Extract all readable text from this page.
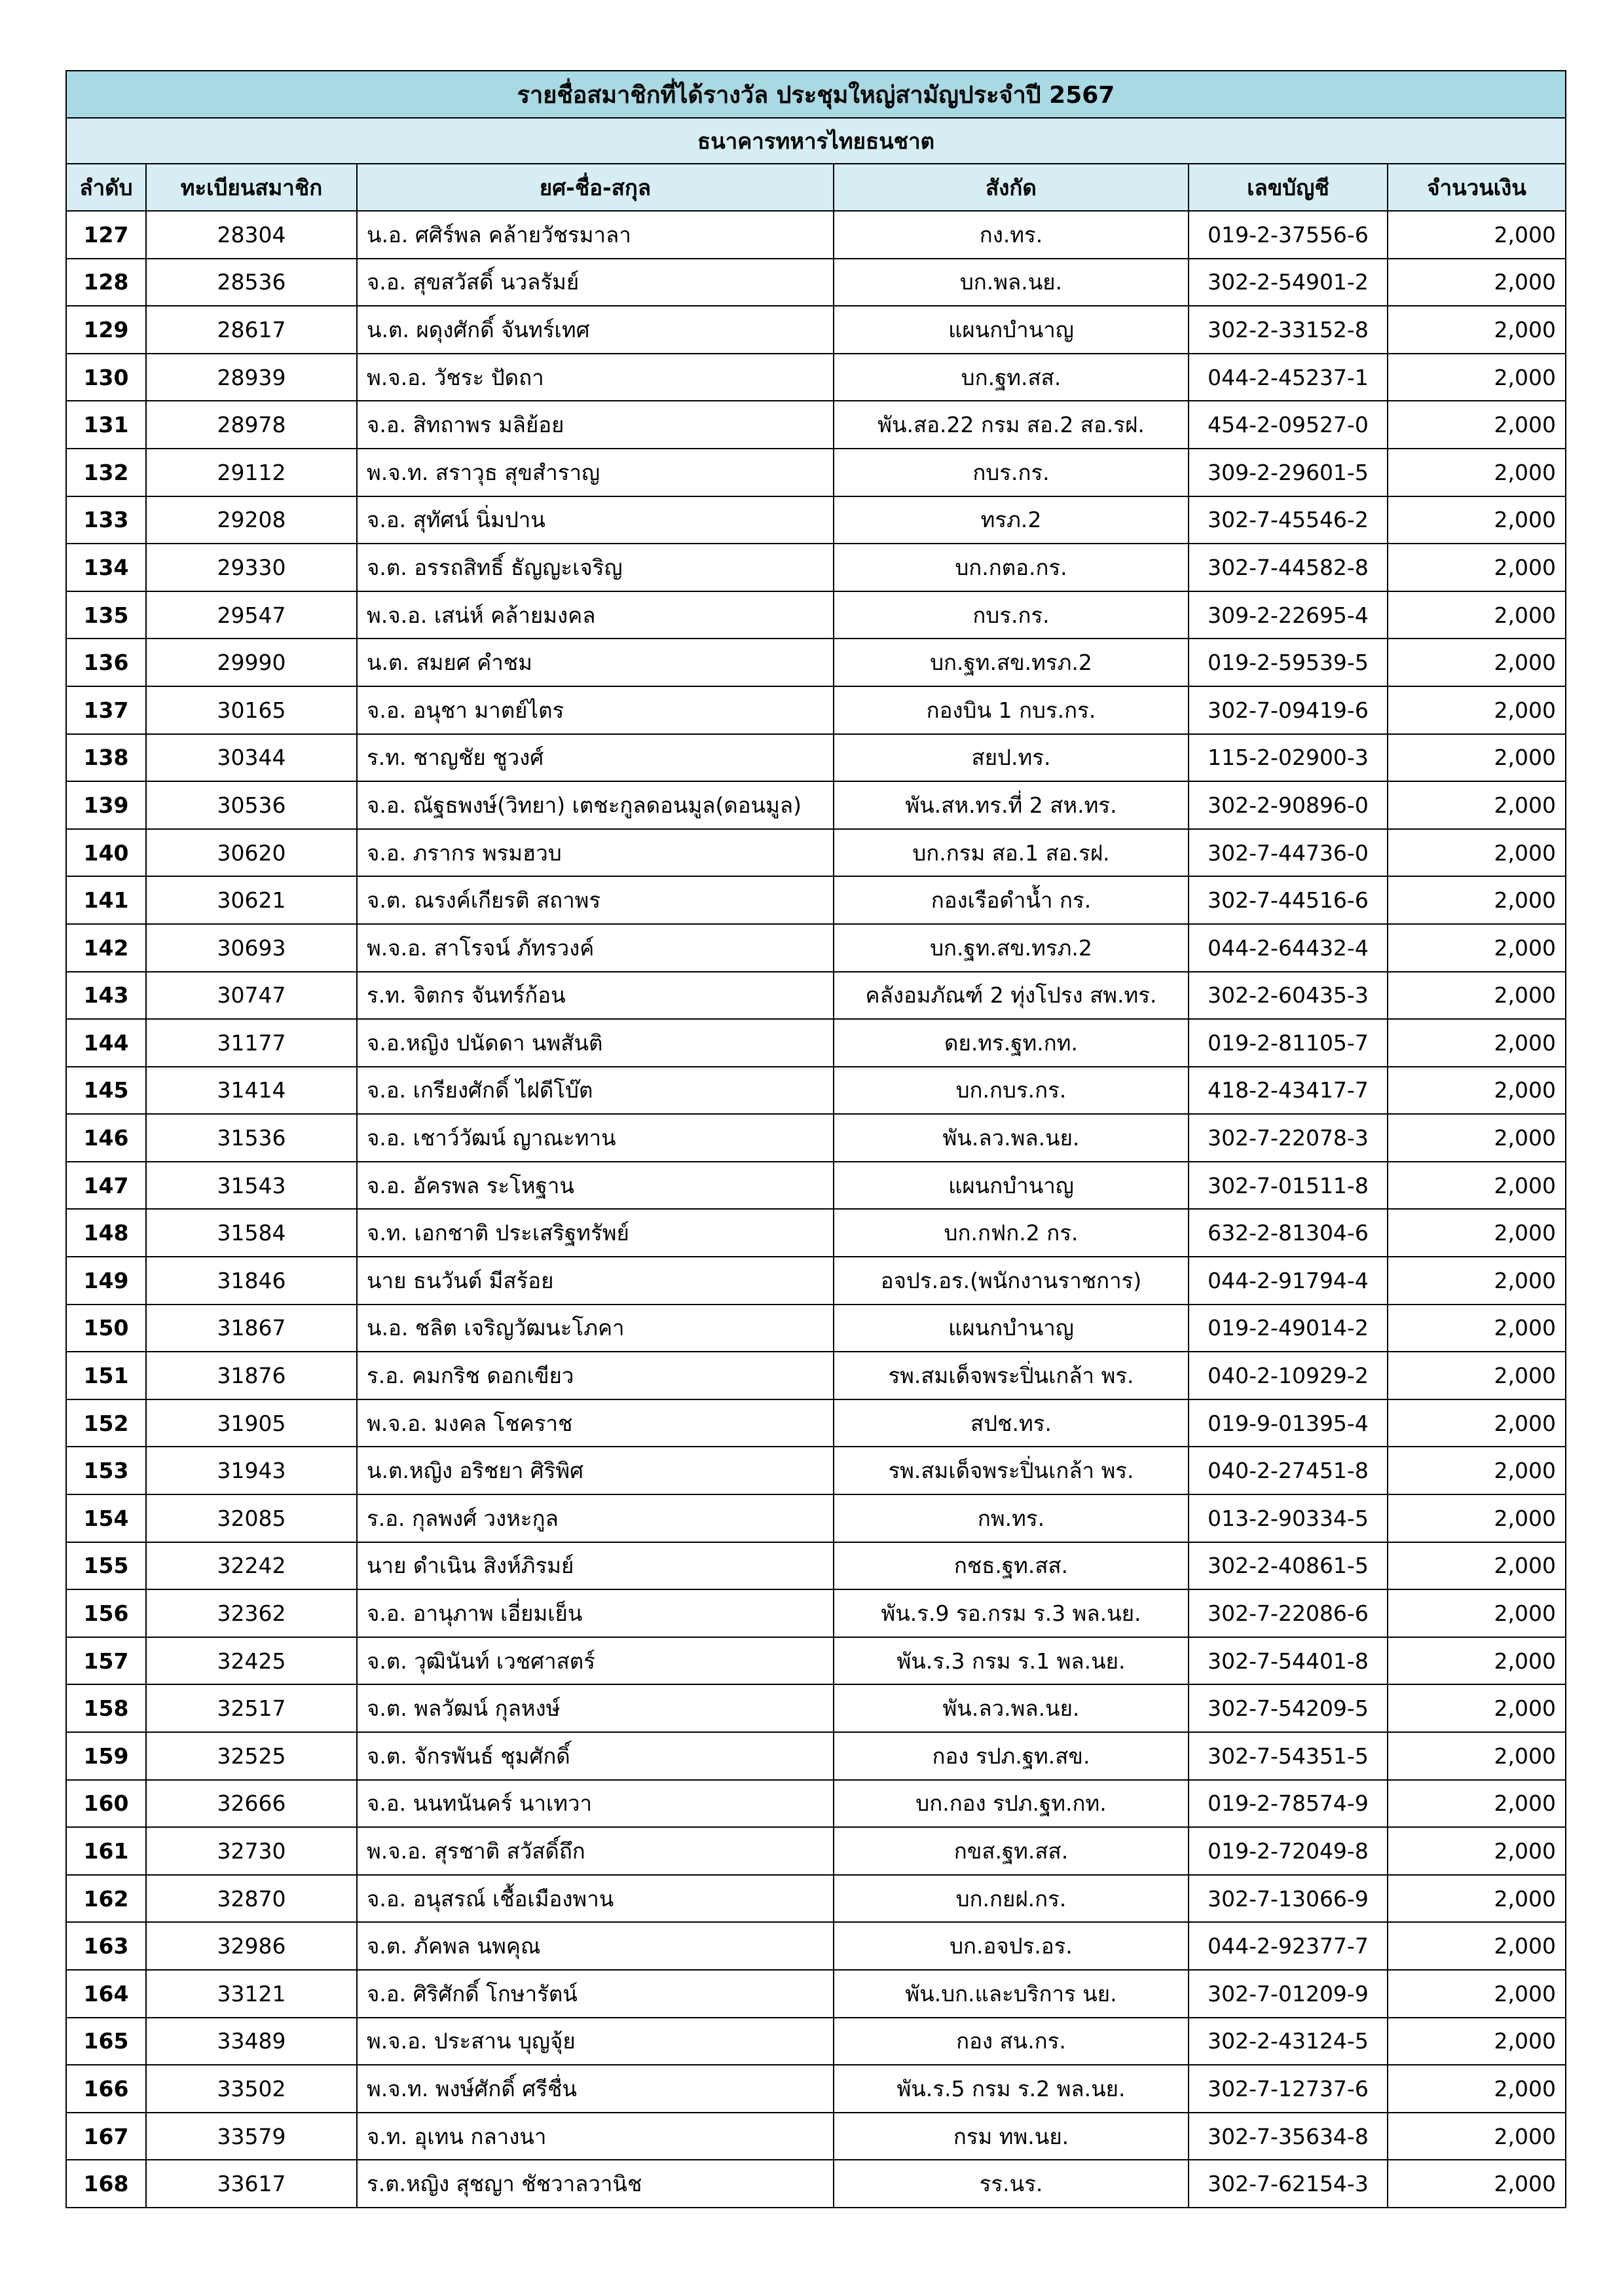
รายชื่อสมาชิกที่ได้รางวัล ประชุมใหญ่สามัญประจำปี 2567					
ธนาคารทหารไทยธนชาต					
ลำดับ	ทะเบียนสมาชิก	ยศ-ชื่อ-สกุล	สังกัด	เลขบัญชี	จำนวนเงิน
127	28304	น.อ. ศศิร์พล คล้ายวัชรมาลา	กง.ทร.	019-2-37556-6	2,000
128	28536	จ.อ. สุขสวัสดิ์ นวลรัมย์	บก.พล.นย.	302-2-54901-2	2,000
129	28617	น.ต. ผดุงศักดิ์ จันทร์เทศ	แผนกบำนาญ	302-2-33152-8	2,000
130	28939	พ.จ.อ. วัชระ ปัดถา	บก.ฐท.สส.	044-2-45237-1	2,000
131	28978	จ.อ. สิทถาพร มลิย้อย	พัน.สอ.22 กรม สอ.2 สอ.รฝ.	454-2-09527-0	2,000
132	29112	พ.จ.ท. สราวุธ สุขสำราญ	กบร.กร.	309-2-29601-5	2,000
133	29208	จ.อ. สุทัศน์ นิ่มปาน	ทรภ.2	302-7-45546-2	2,000
134	29330	จ.ต. อรรถสิทธิ์ ธัญญะเจริญ	บก.กตอ.กร.	302-7-44582-8	2,000
135	29547	พ.จ.อ. เสน่ห์ คล้ายมงคล	กบร.กร.	309-2-22695-4	2,000
136	29990	น.ต. สมยศ คำชม	บก.ฐท.สข.ทรภ.2	019-2-59539-5	2,000
137	30165	จ.อ. อนุชา มาตย์ไตร	กองบิน 1 กบร.กร.	302-7-09419-6	2,000
138	30344	ร.ท. ชาญชัย ชูวงศ์	สยป.ทร.	115-2-02900-3	2,000
139	30536	จ.อ. ณัฐธพงษ์(วิทยา) เตชะกูลดอนมูล(ดอนมูล)	พัน.สห.ทร.ที่ 2 สห.ทร.	302-2-90896-0	2,000
140	30620	จ.อ. ภรากร พรมฮวบ	บก.กรม สอ.1 สอ.รฝ.	302-7-44736-0	2,000
141	30621	จ.ต. ณรงค์เกียรติ สถาพร	กองเรือดำน้ำ กร.	302-7-44516-6	2,000
142	30693	พ.จ.อ. สาโรจน์ ภัทรวงค์	บก.ฐท.สข.ทรภ.2	044-2-64432-4	2,000
143	30747	ร.ท. จิตกร จันทร์ก้อน	คลังอมภัณฑ์ 2 ทุ่งโปรง สพ.ทร.	302-2-60435-3	2,000
144	31177	จ.อ.หญิง ปนัดดา นพสันติ	ดย.ทร.ฐท.กท.	019-2-81105-7	2,000
145	31414	จ.อ. เกรียงศักดิ์ ไฝดีโบ๊ต	บก.กบร.กร.	418-2-43417-7	2,000
146	31536	จ.อ. เชาว์วัฒน์ ญาณะทาน	พัน.ลว.พล.นย.	302-7-22078-3	2,000
147	31543	จ.อ. อัครพล ระโหฐาน	แผนกบำนาญ	302-7-01511-8	2,000
148	31584	จ.ท. เอกชาติ ประเสริฐทรัพย์	บก.กฟก.2 กร.	632-2-81304-6	2,000
149	31846	นาย ธนวันต์ มีสร้อย	อจปร.อร.(พนักงานราชการ)	044-2-91794-4	2,000
150	31867	น.อ. ชลิต เจริญวัฒนะโภคา	แผนกบำนาญ	019-2-49014-2	2,000
151	31876	ร.อ. คมกริช ดอกเขียว	รพ.สมเด็จพระปิ่นเกล้า พร.	040-2-10929-2	2,000
152	31905	พ.จ.อ. มงคล โชคราช	สปช.ทร.	019-9-01395-4	2,000
153	31943	น.ต.หญิง อริชยา ศิริพิศ	รพ.สมเด็จพระปิ่นเกล้า พร.	040-2-27451-8	2,000
154	32085	ร.อ. กุลพงศ์ วงหะกูล	กพ.ทร.	013-2-90334-5	2,000
155	32242	นาย ดำเนิน สิงห์ภิรมย์	กชธ.ฐท.สส.	302-2-40861-5	2,000
156	32362	จ.อ. อานุภาพ เอี่ยมเย็น	พัน.ร.9 รอ.กรม ร.3 พล.นย.	302-7-22086-6	2,000
157	32425	จ.ต. วุฒินันท์ เวชศาสตร์	พัน.ร.3 กรม ร.1 พล.นย.	302-7-54401-8	2,000
158	32517	จ.ต. พลวัฒน์ กุลหงษ์	พัน.ลว.พล.นย.	302-7-54209-5	2,000
159	32525	จ.ต. จักรพันธ์ ชุมศักดิ์	กอง รปภ.ฐท.สข.	302-7-54351-5	2,000
160	32666	จ.อ. นนทนันคร์ นาเทวา	บก.กอง รปภ.ฐท.กท.	019-2-78574-9	2,000
161	32730	พ.จ.อ. สุรชาติ สวัสดิ์ถึก	กขส.ฐท.สส.	019-2-72049-8	2,000
162	32870	จ.อ. อนุสรณ์ เชื้อเมืองพาน	บก.กยฝ.กร.	302-7-13066-9	2,000
163	32986	จ.ต. ภัคพล นพคุณ	บก.อจปร.อร.	044-2-92377-7	2,000
164	33121	จ.อ. ศิริศักดิ์ โกษารัตน์	พัน.บก.และบริการ นย.	302-7-01209-9	2,000
165	33489	พ.จ.อ. ประสาน บุญจุ้ย	กอง สน.กร.	302-2-43124-5	2,000
166	33502	พ.จ.ท. พงษ์ศักดิ์ ศรีชื่น	พัน.ร.5 กรม ร.2 พล.นย.	302-7-12737-6	2,000
167	33579	จ.ท. อุเทน กลางนา	กรม ทพ.นย.	302-7-35634-8	2,000
168	33617	ร.ต.หญิง สุชญา ชัชวาลวานิช	รร.นร.	302-7-62154-3	2,000
